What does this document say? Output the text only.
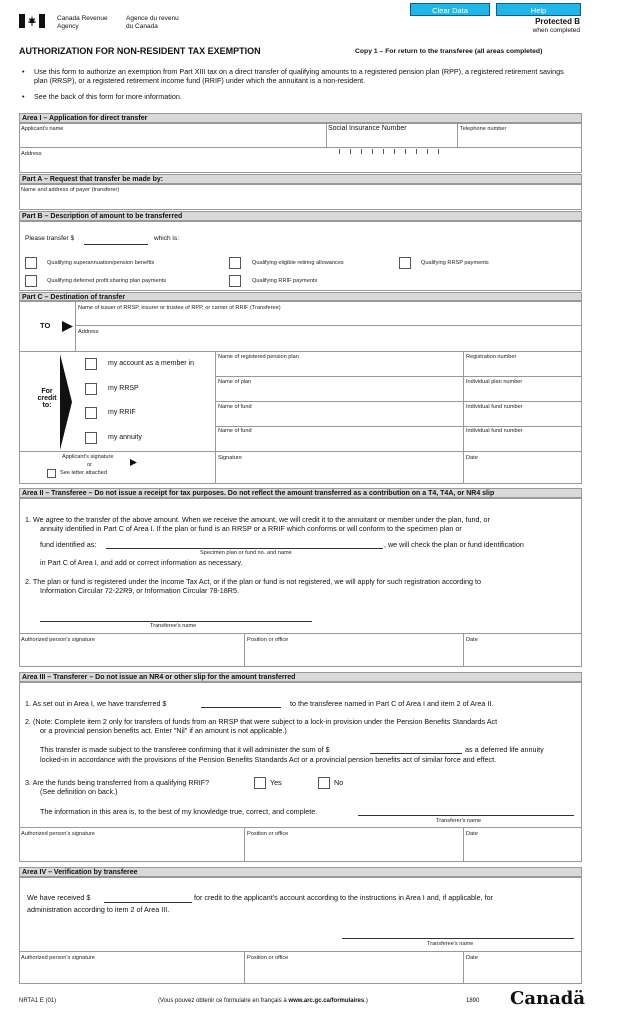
Canada Revenue
Agency
Agence du revenu
du Canada
Clear Data	Help
Protected B
when completed
AUTHORIZATION FOR NON-RESIDENT TAX EXEMPTION	Copy 1 – For return to the transferee (all areas completed)
•	Use this form to authorize an exemption from Part XIII tax on a direct transfer of qualifying amounts to a registered pension plan (RPP), a registered retirement savings plan (RRSP), or a registered retirement income fund (RRIF) under which the annuitant is a non-resident.
• See the back of this form for more information.
Area I – Application for direct transfer
Applicant's name	Social Insurance Number	Telephone number
Address
Part A – Request that transfer be made by:
Name and address of payer (transferer)
Part B – Description of amount to be transferred
Please transfer $	which is:
Qualifying superannuation/pension benefits	Qualifying eligible retiring allowances	Qualifying RRSP payments
Qualifying deferred profit sharing plan payments	Qualifying RRIF payments
Part C – Destination of transfer
Name of issuer of RRSP, insurer or trustee of RPP, or carrier of RRIF (Transferee)
TO
Address
For credit to:
my account as a member in
Name of registered pension plan	Registration number
my RRSP
Name of plan	Individual plan number
my RRIF
Name of fund	Individual fund number
my annuity
Name of fund	Individual fund number
Applicant's signature
or
See letter attached
Signature	Date
Area II – Transferee – Do not issue a receipt for tax purposes. Do not reflect the amount transferred as a contribution on a T4, T4A, or NR4 slip
1. We agree to the transfer of the above amount. When we receive the amount, we will credit it to the annuitant or member under the plan, fund, or
annuity identified in Part C of Area I. If the plan or fund is an RRSP or a RRIF which conforms or will conform to the specimen plan or
fund identified as:
Specimen plan or fund no. and name
, we will check the plan or fund identification
in Part C of Area I, and add or correct information as necessary.
2. The plan or fund is registered under the Income Tax Act, or if the plan or fund is not registered, we will apply for such registration according to
Information Circular 72-22R9, or Information Circular 78-18R5.
Transferee's name
Authorized person's signature	Position or office	Date
Area III – Transferer – Do not issue an NR4 or other slip for the amount transferred
1. As set out in Area I, we have transferred $	to the transferee named in Part C of Area I and item 2 of Area II.
2. (Note: Complete item 2 only for transfers of funds from an RRSP that were subject to a lock-in provision under the Pension Benefits Standards Act
or a provincial pension benefits act. Enter "Nil" if an amount is not applicable.)
This transfer is made subject to the transferee confirming that it will administer the sum of $	as a deferred life annuity
locked-in in accordance with the provisions of the Pension Benefits Standards Act or a provincial pension benefits act of similar force and effect.
3. Are the funds being transferred from a qualifying RRIF?	Yes	No
(See definition on back.)
The information in this area is, to the best of my knowledge true, correct, and complete.
Transferer's name
Authorized person's signature	Position or office	Date
Area IV – Verification by transferee
We have received $	for credit to the applicant's account according to the instructions in Area I and, if applicable, for
administration according to item 2 of Area III.
Transferee's name
Authorized person's signature	Position or office	Date
NRTA1 E (01)	(Vous pouvez obtenir ce formulaire en français à www.arc.gc.ca/formulaires.)	1890 Canadä
